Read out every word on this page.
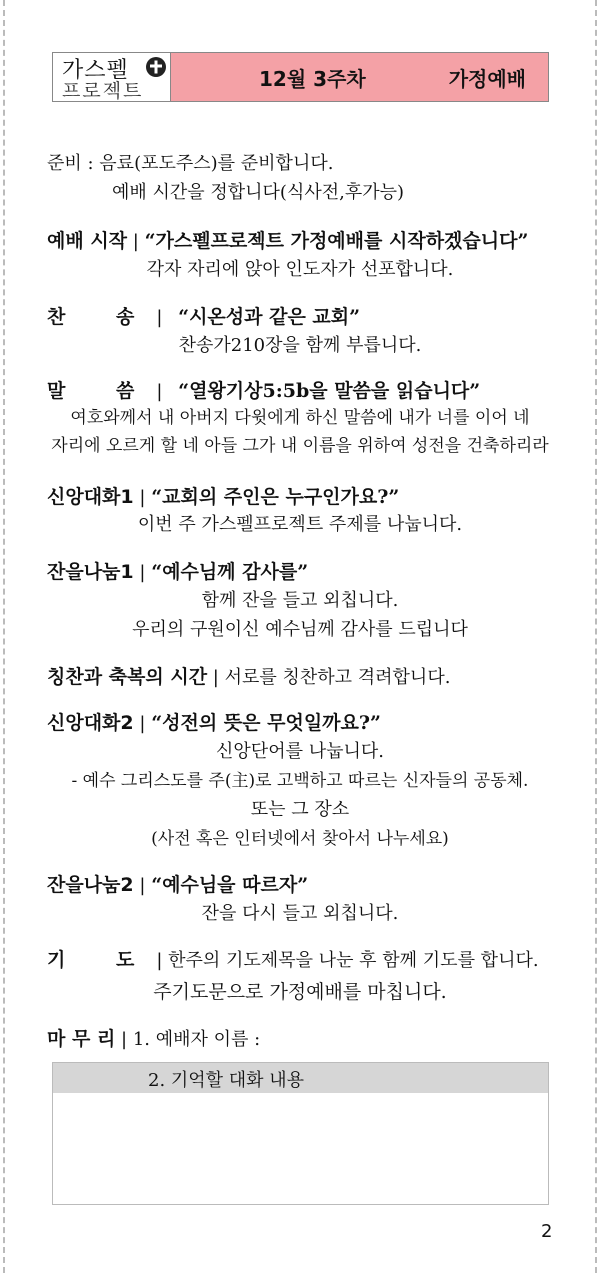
가스펠
프로젝트
12월 3주차	가정예배
준비 : 음료(포도주스)를 준비합니다.
예배 시간을 정합니다(식사전,후가능)
예배 시작 | “가스펠프로젝트 가정예배를 시작하겠습니다”
각자 자리에 앉아 인도자가 선포합니다.
찬 송| “시온성과 같은 교회”
찬송가210장을 함께 부릅니다.
말 씀| “열왕기상5:5b을 말씀을 읽습니다”
여호와께서 내 아버지 다윗에게 하신 말씀에 내가 너를 이어 네
자리에 오르게 할 네 아들 그가 내 이름을 위하여 성전을 건축하리라
신앙대화1 | “교회의 주인은 누구인가요?”
이번 주 가스펠프로젝트 주제를 나눕니다.
잔을나눔1 | “예수님께 감사를”
함께 잔을 들고 외칩니다.
우리의 구원이신 예수님께 감사를 드립니다
칭찬과 축복의 시간 | 서로를 칭찬하고 격려합니다.
신앙대화2 | “성전의 뜻은 무엇일까요?”
신앙단어를 나눕니다.
- 예수 그리스도를 주(主)로 고백하고 따르는 신자들의 공동체.
또는 그 장소
(사전 혹은 인터넷에서 찾아서 나누세요)
잔을나눔2 | “예수님을 따르자”
잔을 다시 들고 외칩니다.
기 도| 한주의 기도제목을 나눈 후 함께 기도를 합니다.
주기도문으로 가정예배를 마칩니다.
마 무 리 | 1. 예배자 이름 :
2. 기억할 대화 내용
2
